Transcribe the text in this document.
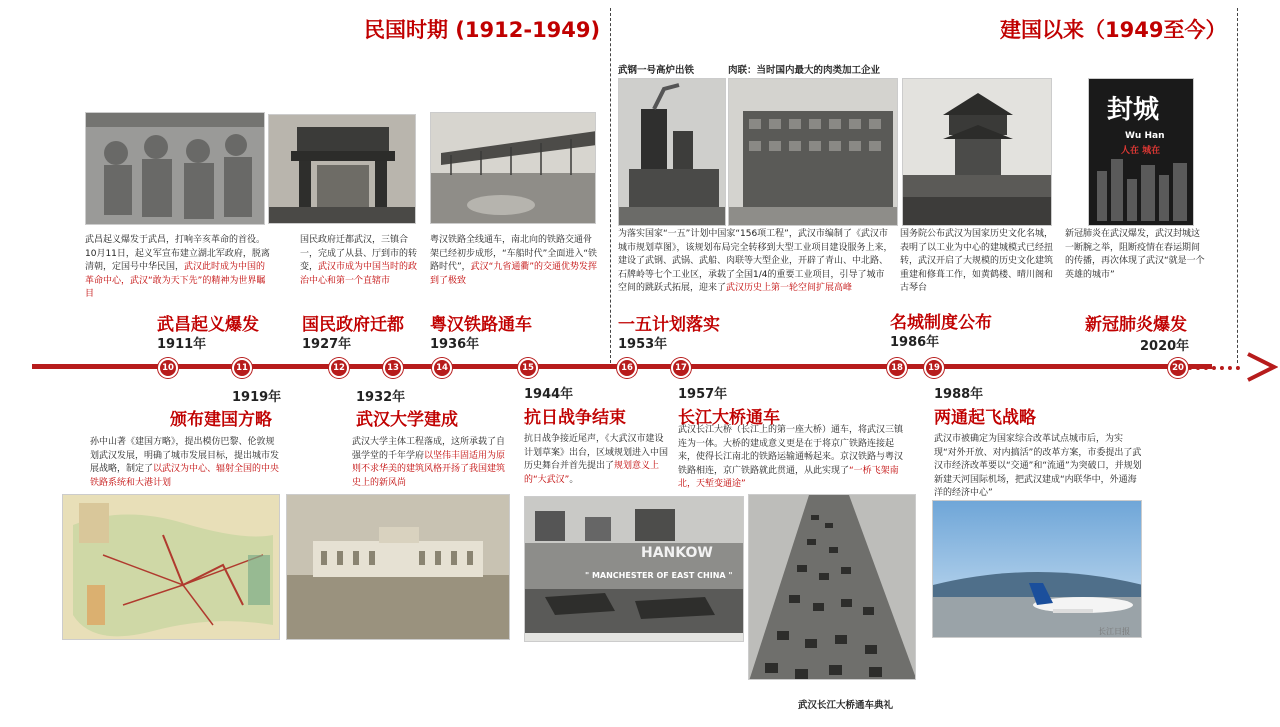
民国时期 (1912-1949)	建国以来（1949至今）
武钢一号高炉出铁	肉联：当时国内最大的肉类加工企业
封城
Wu Han
人在 城在
武昌起义爆发于武昌，打响辛亥革命的首役。10月11日，起义军宣布建立湖北军政府，脱离清朝，定国号中华民国，武汉此时成为中国的革命中心，武汉“敢为天下先”的精神为世界瞩目
国民政府迁都武汉，三镇合一，完成了从县、厅到市的转变，武汉市成为中国当时的政治中心和第一个直辖市
粤汉铁路全线通车，南北向的铁路交通骨架已经初步成形，“车船时代”全面进入“铁路时代”，武汉“九省通衢”的交通优势发挥到了极致
为落实国家“一五”计划中国家“156项工程”，武汉市编制了《武汉市城市规划草图》，该规划布局完全转移到大型工业项目建设服务上来，建设了武钢、武锅、武船、肉联等大型企业，开辟了青山、中北路、石牌岭等七个工业区，承载了全国1/4的重要工业项目，引导了城市空间的跳跃式拓展，迎来了武汉历史上第一轮空间扩展高峰
国务院公布武汉为国家历史文化名城，表明了以工业为中心的建城模式已经扭转，武汉开启了大规模的历史文化建筑重建和修葺工作，如黄鹤楼、晴川阁和古琴台
新冠肺炎在武汉爆发，武汉封城这一断腕之举，阻断疫情在春运期间的传播，再次体现了武汉“就是一个英雄的城市”
武昌起义爆发
1911年
国民政府迁都
1927年
粤汉铁路通车
1936年
一五计划落实
1953年
名城制度公布
1986年
新冠肺炎爆发
2020年
10	11	12	13	14	15	16	17	18	19	20
1919年
颁布建国方略
1932年
武汉大学建成
1944年
抗日战争结束
1957年
长江大桥通车
1988年
两通起飞战略
孙中山著《建国方略》，提出模仿巴黎、伦敦规划武汉发展，明确了城市发展目标，提出城市发展战略，制定了以武汉为中心、辐射全国的中央铁路系统和大港计划
武汉大学主体工程落成，这所承载了自强学堂的千年学府以坚伟丰固适用为原则不求华美的建筑风格开扬了我国建筑史上的新风尚
抗日战争接近尾声，《大武汉市建设计划草案》出台，区域规划进入中国历史舞台并首先提出了规划意义上的“大武汉”。
武汉长江大桥（长江上的第一座大桥）通车，将武汉三镇连为一体。大桥的建成意义更是在于将京广铁路连接起来，使得长江南北的铁路运输通畅起来。京汉铁路与粤汉铁路相连，京广铁路就此贯通，从此实现了“一桥飞架南北，天堑变通途”
武汉市被确定为国家综合改革试点城市后，为实现“对外开放、对内搞活”的改革方案，市委提出了武汉市经济改革要以“交通”和“流通”为突破口，并规划新建天河国际机场，把武汉建成“内联华中，外通海洋的经济中心”
HANKOW
" MANCHESTER OF EAST CHINA "
武汉长江大桥通车典礼
长江日报
